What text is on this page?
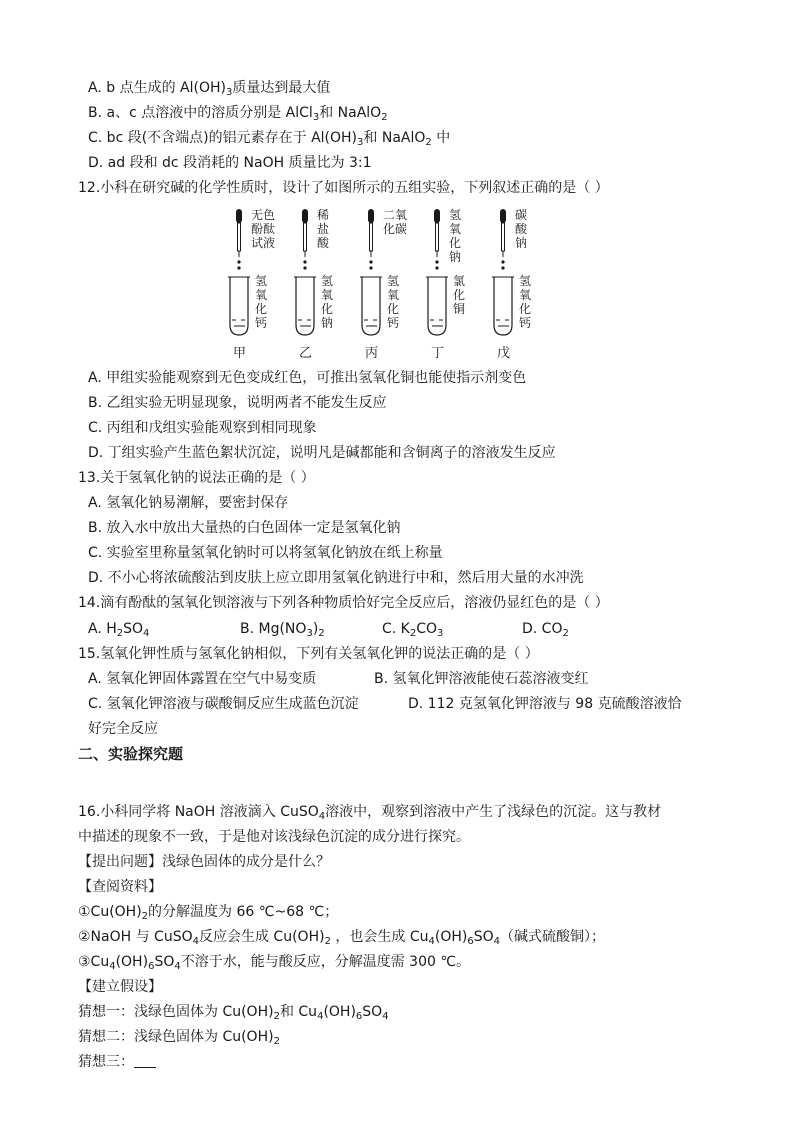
A. b 点生成的 $Al(OH)_3$质量达到最大值
B. a、c 点溶液中的溶质分别是 AlCl$_3$和 NaAlO$_2$
C. bc 段(不含端点)的铝元素存在于 $Al(OH)_3$和 NaAlO$_2$ 中
D. ad 段和 dc 段消耗的 NaOH 质量比为 3:1
12.小科在研究碱的化学性质时，设计了如图所示的五组实验，下列叙述正确的是（ ）
无色酚酞试液
氢氧化钙
甲
稀盐酸
氢氧化钠
乙
二氧化碳
氢氧化钙
丙
氢氧化钠
氯化铜
丁
碳酸钠
氢氧化钙
戊
A. 甲组实验能观察到无色变成红色，可推出氢氧化铜也能使指示剂变色
B. 乙组实验无明显现象，说明两者不能发生反应
C. 丙组和戊组实验能观察到相同现象
D. 丁组实验产生蓝色絮状沉淀，说明凡是碱都能和含铜离子的溶液发生反应
13.关于氢氧化钠的说法正确的是（ ）
A. 氢氧化钠易潮解，要密封保存
B. 放入水中放出大量热的白色固体一定是氢氧化钠
C. 实验室里称量氢氧化钠时可以将氢氧化钠放在纸上称量
D. 不小心将浓硫酸沾到皮肤上应立即用氢氧化钠进行中和，然后用大量的水冲洗
14.滴有酚酞的氢氧化钡溶液与下列各种物质恰好完全反应后，溶液仍显红色的是（ ）
A. $H_2SO_4$	B. $Mg(NO_3)_2$	C. $K_2CO_3$	D. $CO_2$
15.氢氧化钾性质与氢氧化钠相似，下列有关氢氧化钾的说法正确的是（ ）
A. 氢氧化钾固体露置在空气中易变质	B. 氢氧化钾溶液能使石蕊溶液变红
C. 氢氧化钾溶液与碳酸铜反应生成蓝色沉淀	D. 112 克氢氧化钾溶液与 98 克硫酸溶液恰
好完全反应
二、实验探究题
16.小科同学将 NaOH 溶液滴入 CuSO$_4$溶液中，观察到溶液中产生了浅绿色的沉淀。这与教材
中描述的现象不一致，于是他对该浅绿色沉淀的成分进行探究。
【提出问题】浅绿色固体的成分是什么？
【查阅资料】
$①Cu(OH)_2$的分解温度为 66 ℃~68 ℃；
②NaOH 与 CuSO$_4$反应会生成 $Cu(OH)_2$ ，也会生成 $Cu_4(OH)_6SO_4$（碱式硫酸铜）；
$③Cu_4(OH)_6SO_4$不溶于水，能与酸反应，分解温度需 300 ℃。
【建立假设】
猜想一：浅绿色固体为 $Cu(OH)_2$和 $Cu_4(OH)_6SO_4$
猜想二：浅绿色固体为 $Cu(OH)_2$
猜想三：
